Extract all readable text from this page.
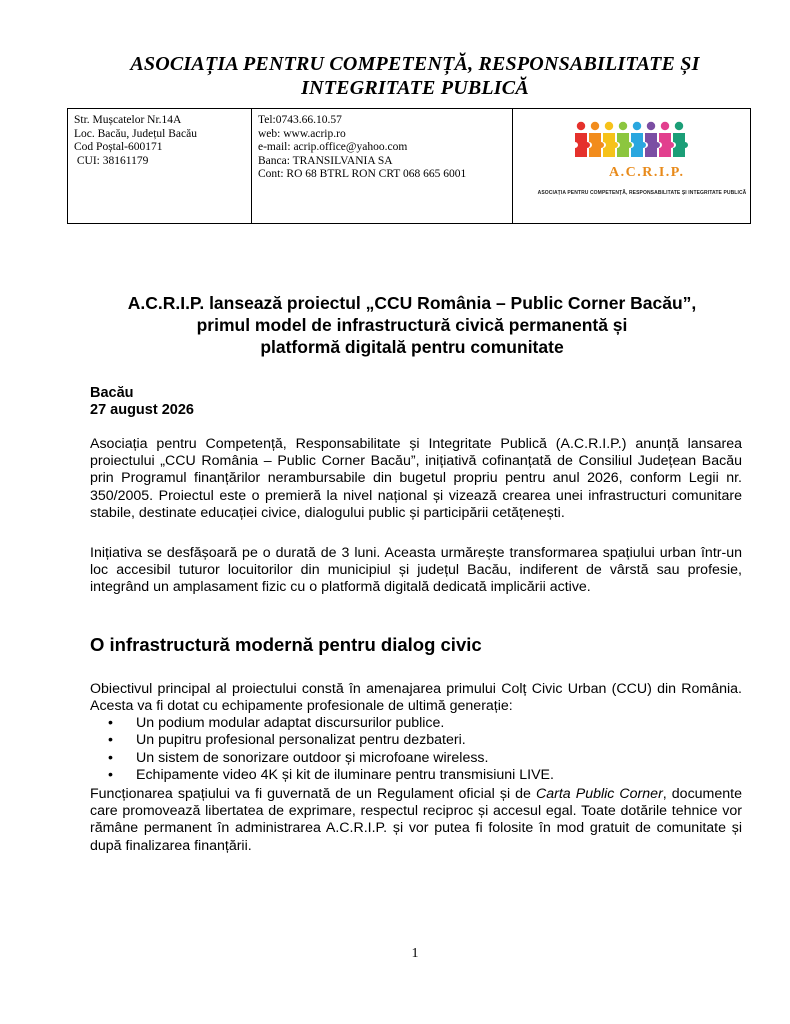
ASOCIAȚIA PENTRU COMPETENȚĂ, RESPONSABILITATE ȘI INTEGRITATE PUBLICĂ
Str. Mușcatelor Nr.14A
Loc. Bacău, Județul Bacău
Cod Poștal-600171
CUI: 38161179

Tel:0743.66.10.57
web: www.acrip.ro
e-mail: acrip.office@yahoo.com
Banca: TRANSILVANIA SA
Cont: RO 68 BTRL RON CRT 068 665 6001	A.C.R.I.P.
ASOCIAȚIA PENTRU COMPETENȚĂ, RESPONSABILITATE ȘI INTEGRITATE PUBLICĂ
A.C.R.I.P. lansează proiectul „CCU România – Public Corner Bacău”,
primul model de infrastructură civică permanentă și
platformă digitală pentru comunitate
Bacău
27 august 2026
Asociația pentru Competență, Responsabilitate și Integritate Publică (A.C.R.I.P.) anunță lansarea proiectului „CCU România – Public Corner Bacău”, inițiativă cofinanțată de Consiliul Județean Bacău prin Programul finanțărilor nerambursabile din bugetul propriu pentru anul 2026, conform Legii nr. 350/2005. Proiectul este o premieră la nivel național și vizează crearea unei infrastructuri comunitare stabile, destinate educației civice, dialogului public și participării cetățenești.
Inițiativa se desfășoară pe o durată de 3 luni. Aceasta urmărește transformarea spațiului urban într-un loc accesibil tuturor locuitorilor din municipiul și județul Bacău, indiferent de vârstă sau profesie, integrând un amplasament fizic cu o platformă digitală dedicată implicării active.
O infrastructură modernă pentru dialog civic
Obiectivul principal al proiectului constă în amenajarea primului Colț Civic Urban (CCU) din România. Acesta va fi dotat cu echipamente profesionale de ultimă generație:
• Un podium modular adaptat discursurilor publice.
• Un pupitru profesional personalizat pentru dezbateri.
• Un sistem de sonorizare outdoor și microfoane wireless.
• Echipamente video 4K și kit de iluminare pentru transmisiuni LIVE.
Funcționarea spațiului va fi guvernată de un Regulament oficial și de Carta Public Corner, documente care promovează libertatea de exprimare, respectul reciproc și accesul egal. Toate dotările tehnice vor rămâne permanent în administrarea A.C.R.I.P. și vor putea fi folosite în mod gratuit de comunitate și după finalizarea finanțării.
1
